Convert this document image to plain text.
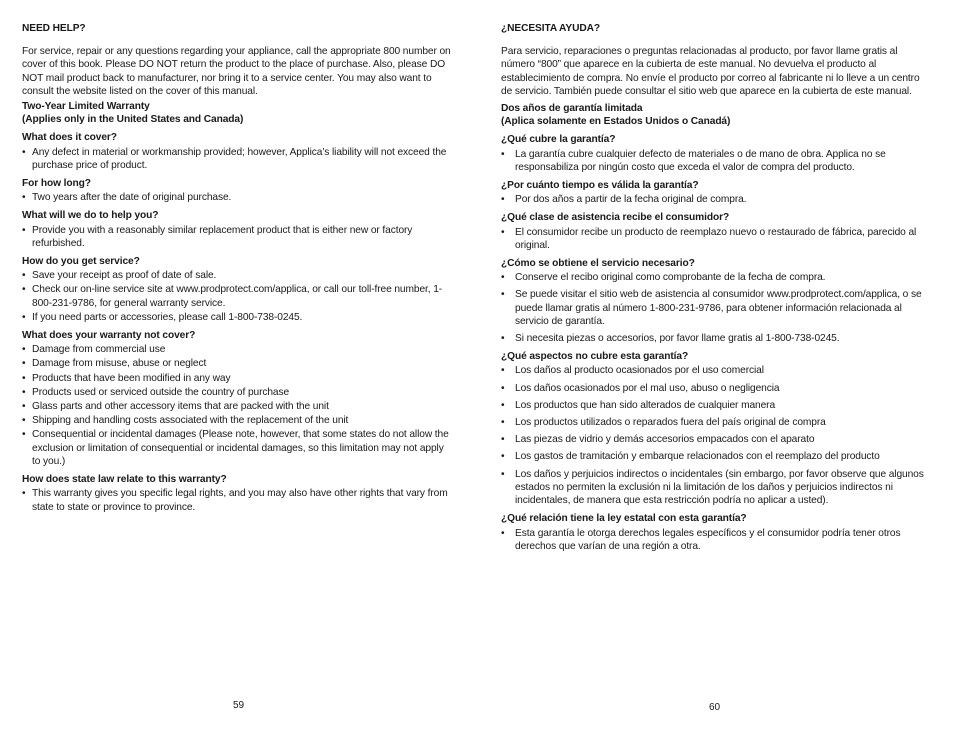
NEED HELP?
For service, repair or any questions regarding your appliance, call the appropriate 800 number on cover of this book. Please DO NOT return the product to the place of purchase. Also, please DO NOT mail product back to manufacturer, nor bring it to a service center. You may also want to consult the website listed on the cover of this manual.
Two-Year Limited Warranty
(Applies only in the United States and Canada)
What does it cover?
• Any defect in material or workmanship provided; however, Applica’s liability will not exceed the purchase price of product.
For how long?
• Two years after the date of original purchase.
What will we do to help you?
• Provide you with a reasonably similar replacement product that is either new or factory refurbished.
How do you get service?
• Save your receipt as proof of date of sale.
• Check our on-line service site at www.prodprotect.com/applica, or call our toll-free number, 1-800-231-9786, for general warranty service.
• If you need parts or accessories, please call 1-800-738-0245.
What does your warranty not cover?
• Damage from commercial use
• Damage from misuse, abuse or neglect
• Products that have been modified in any way
• Products used or serviced outside the country of purchase
• Glass parts and other accessory items that are packed with the unit
• Shipping and handling costs associated with the replacement of the unit
• Consequential or incidental damages (Please note, however, that some states do not allow the exclusion or limitation of consequential or incidental damages, so this limitation may not apply to you.)
How does state law relate to this warranty?
• This warranty gives you specific legal rights, and you may also have other rights that vary from state to state or province to province.
59
¿NECESITA AYUDA?
Para servicio, reparaciones o preguntas relacionadas al producto, por favor llame gratis al número “800” que aparece en la cubierta de este manual. No devuelva el producto al establecimiento de compra. No envíe el producto por correo al fabricante ni lo lleve a un centro de servicio. También puede consultar el sitio web que aparece en la cubierta de este manual.
Dos años de garantía limitada
(Aplica solamente en Estados Unidos o Canadá)
¿Qué cubre la garantía?
• La garantía cubre cualquier defecto de materiales o de mano de obra. Applica no se responsabiliza por ningún costo que exceda el valor de compra del producto.
¿Por cuánto tiempo es válida la garantía?
• Por dos años a partir de la fecha original de compra.
¿Qué clase de asistencia recibe el consumidor?
• El consumidor recibe un producto de reemplazo nuevo o restaurado de fábrica, parecido al original.
¿Cómo se obtiene el servicio necesario?
• Conserve el recibo original como comprobante de la fecha de compra.
• Se puede visitar el sitio web de asistencia al consumidor www.prodprotect.com/applica, o se puede llamar gratis al número 1-800-231-9786, para obtener información relacionada al servicio de garantía.
• Si necesita piezas o accesorios, por favor llame gratis al 1-800-738-0245.
¿Qué aspectos no cubre esta garantía?
• Los daños al producto ocasionados por el uso comercial
• Los daños ocasionados por el mal uso, abuso o negligencia
• Los productos que han sido alterados de cualquier manera
• Los productos utilizados o reparados fuera del país original de compra
• Las piezas de vidrio y demás accesorios empacados con el aparato
• Los gastos de tramitación y embarque relacionados con el reemplazo del producto
• Los daños y perjuicios indirectos o incidentales (sin embargo, por favor observe que algunos estados no permiten la exclusión ni la limitación de los daños y perjuicios indirectos ni incidentales, de manera que esta restricción podría no aplicar a usted).
¿Qué relación tiene la ley estatal con esta garantía?
• Esta garantía le otorga derechos legales específicos y el consumidor podría tener otros derechos que varían de una región a otra.
60
